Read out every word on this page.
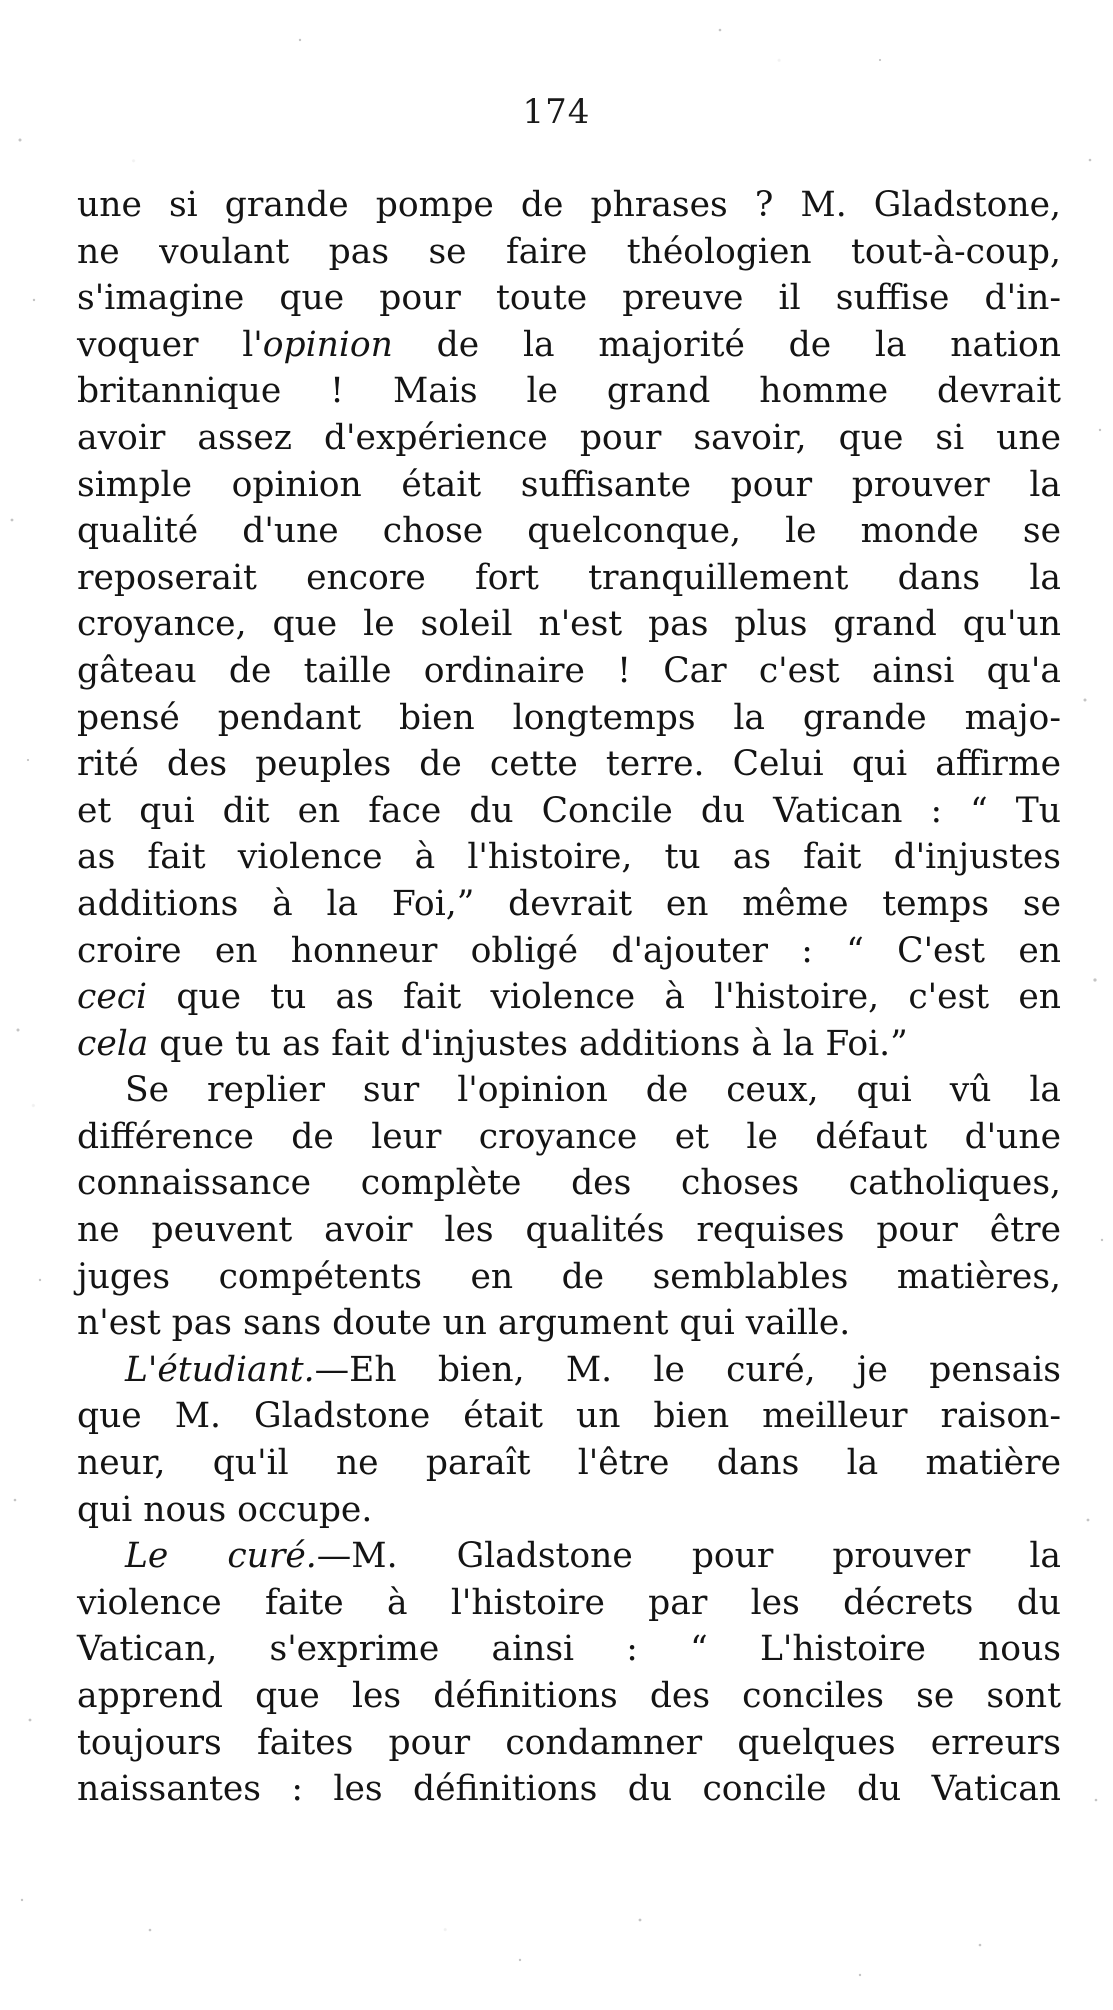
174
une si grande pompe de phrases ? M. Gladstone,
ne voulant pas se faire théologien tout-à-coup,
s'imagine que pour toute preuve il suffise d'in-
voquer l'opinion de la majorité de la nation
britannique ! Mais le grand homme devrait
avoir assez d'expérience pour savoir, que si une
simple opinion était suffisante pour prouver la
qualité d'une chose quelconque, le monde se
reposerait encore fort tranquillement dans la
croyance, que le soleil n'est pas plus grand qu'un
gâteau de taille ordinaire ! Car c'est ainsi qu'a
pensé pendant bien longtemps la grande majo-
rité des peuples de cette terre. Celui qui affirme
et qui dit en face du Concile du Vatican : “ Tu
as fait violence à l'histoire, tu as fait d'injustes
additions à la Foi,” devrait en même temps se
croire en honneur obligé d'ajouter : “ C'est en
ceci que tu as fait violence à l'histoire, c'est en
cela que tu as fait d'injustes additions à la Foi.”
Se replier sur l'opinion de ceux, qui vû la
différence de leur croyance et le défaut d'une
connaissance complète des choses catholiques,
ne peuvent avoir les qualités requises pour être
juges compétents en de semblables matières,
n'est pas sans doute un argument qui vaille.
L'étudiant.—Eh bien, M. le curé, je pensais
que M. Gladstone était un bien meilleur raison-
neur, qu'il ne paraît l'être dans la matière
qui nous occupe.
Le curé.—M. Gladstone pour prouver la
violence faite à l'histoire par les décrets du
Vatican, s'exprime ainsi : “ L'histoire nous
apprend que les définitions des conciles se sont
toujours faites pour condamner quelques erreurs
naissantes : les définitions du concile du Vatican
